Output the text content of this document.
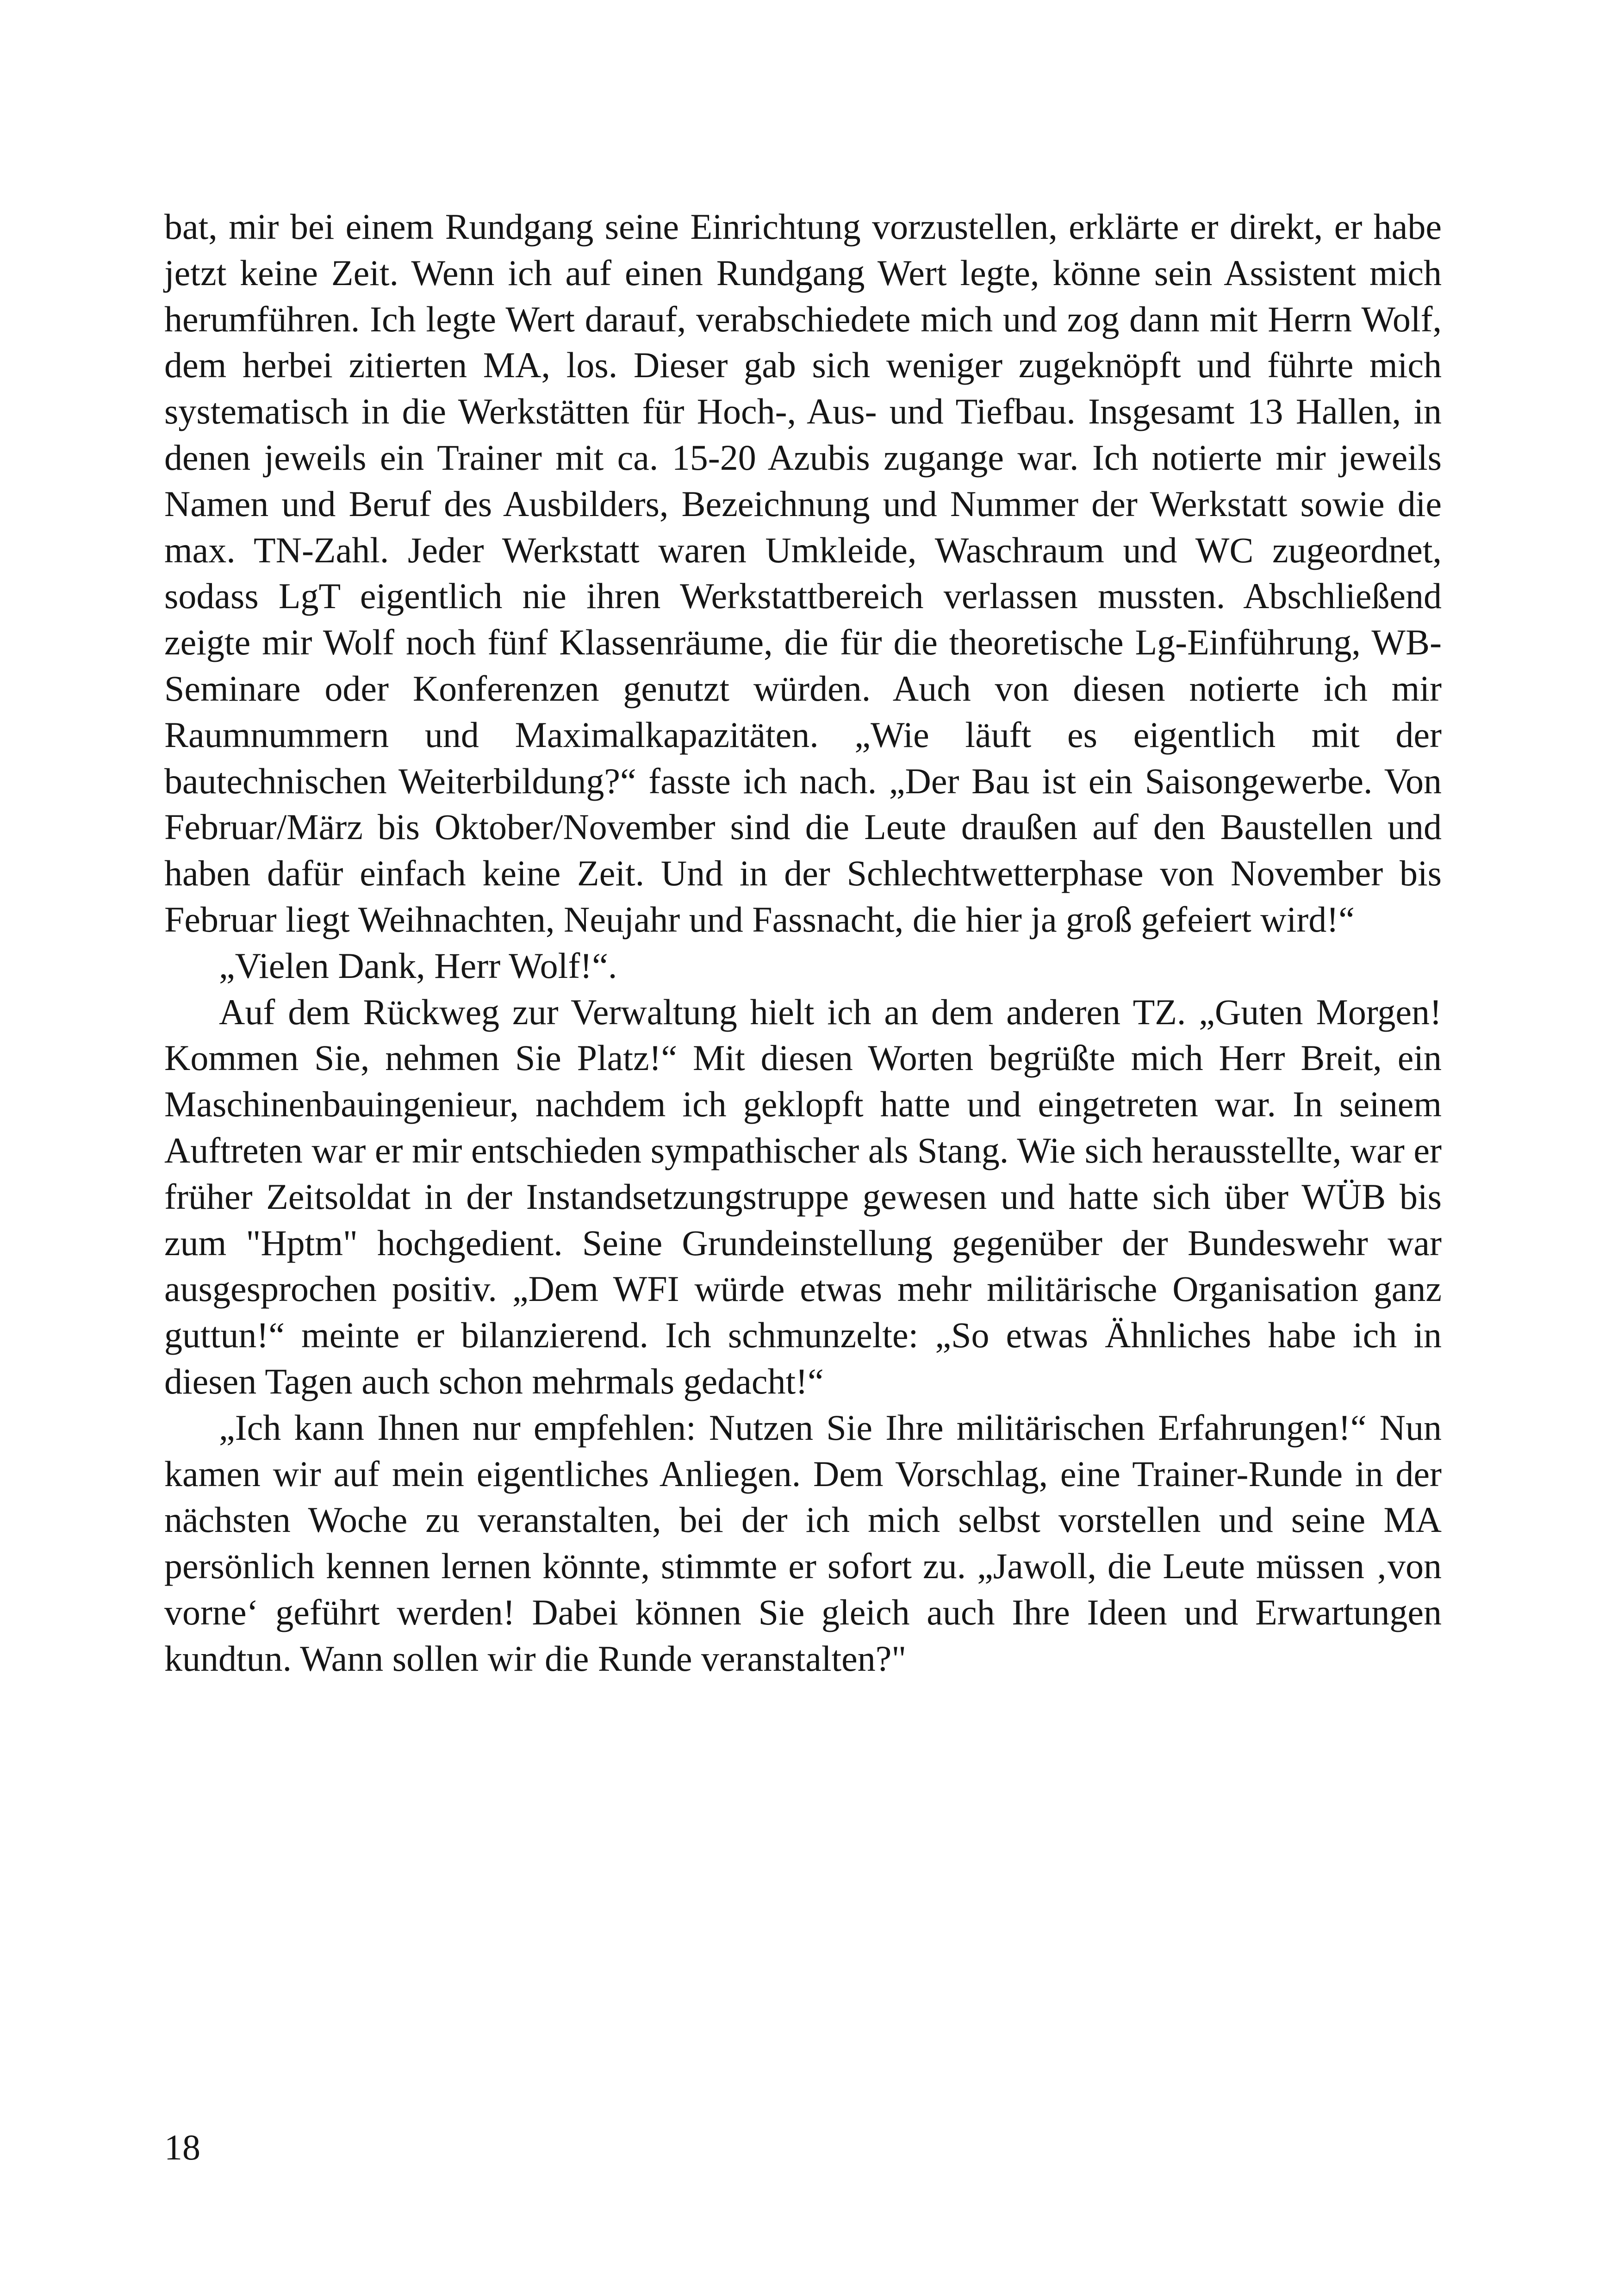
bat, mir bei einem Rundgang seine Einrichtung vorzustellen, erklärte er direkt, er habe jetzt keine Zeit. Wenn ich auf einen Rundgang Wert legte, könne sein Assistent mich herumführen. Ich legte Wert darauf, verabschiedete mich und zog dann mit Herrn Wolf, dem herbei zitierten MA, los. Dieser gab sich weniger zugeknöpft und führte mich systematisch in die Werkstätten für Hoch-, Aus- und Tiefbau. Insgesamt 13 Hallen, in denen jeweils ein Trainer mit ca. 15-20 Azubis zugange war. Ich notierte mir jeweils Namen und Beruf des Ausbilders, Bezeichnung und Nummer der Werkstatt sowie die max. TN-Zahl. Jeder Werkstatt waren Umkleide, Waschraum und WC zugeordnet, sodass LgT eigentlich nie ihren Werkstattbereich verlassen mussten. Abschließend zeigte mir Wolf noch fünf Klassenräume, die für die theoretische Lg-Einführung, WB-Seminare oder Konferenzen genutzt würden. Auch von diesen notierte ich mir Raumnummern und Maximalkapazitäten. „Wie läuft es eigentlich mit der bautechnischen Weiterbildung?“ fasste ich nach. „Der Bau ist ein Saisongewerbe. Von Februar/März bis Oktober/November sind die Leute draußen auf den Baustellen und haben dafür einfach keine Zeit. Und in der Schlechtwetterphase von November bis Februar liegt Weihnachten, Neujahr und Fassnacht, die hier ja groß gefeiert wird!“

„Vielen Dank, Herr Wolf!“.

Auf dem Rückweg zur Verwaltung hielt ich an dem anderen TZ. „Guten Morgen! Kommen Sie, nehmen Sie Platz!“ Mit diesen Worten begrüßte mich Herr Breit, ein Maschinenbauingenieur, nachdem ich geklopft hatte und eingetreten war. In seinem Auftreten war er mir entschieden sympathischer als Stang. Wie sich herausstellte, war er früher Zeitsoldat in der Instandsetzungstruppe gewesen und hatte sich über WÜB bis zum "Hptm" hochgedient. Seine Grundeinstellung gegenüber der Bundeswehr war ausgesprochen positiv. „Dem WFI würde etwas mehr militärische Organisation ganz guttun!“ meinte er bilanzierend. Ich schmunzelte: „So etwas Ähnliches habe ich in diesen Tagen auch schon mehrmals gedacht!“

„Ich kann Ihnen nur empfehlen: Nutzen Sie Ihre militärischen Erfahrungen!“ Nun kamen wir auf mein eigentliches Anliegen. Dem Vorschlag, eine Trainer-Runde in der nächsten Woche zu veranstalten, bei der ich mich selbst vorstellen und seine MA persönlich kennen lernen könnte, stimmte er sofort zu. „Jawoll, die Leute müssen ‚von vorne‘ geführt werden! Dabei können Sie gleich auch Ihre Ideen und Erwartungen kundtun. Wann sollen wir die Runde veranstalten?"

18
